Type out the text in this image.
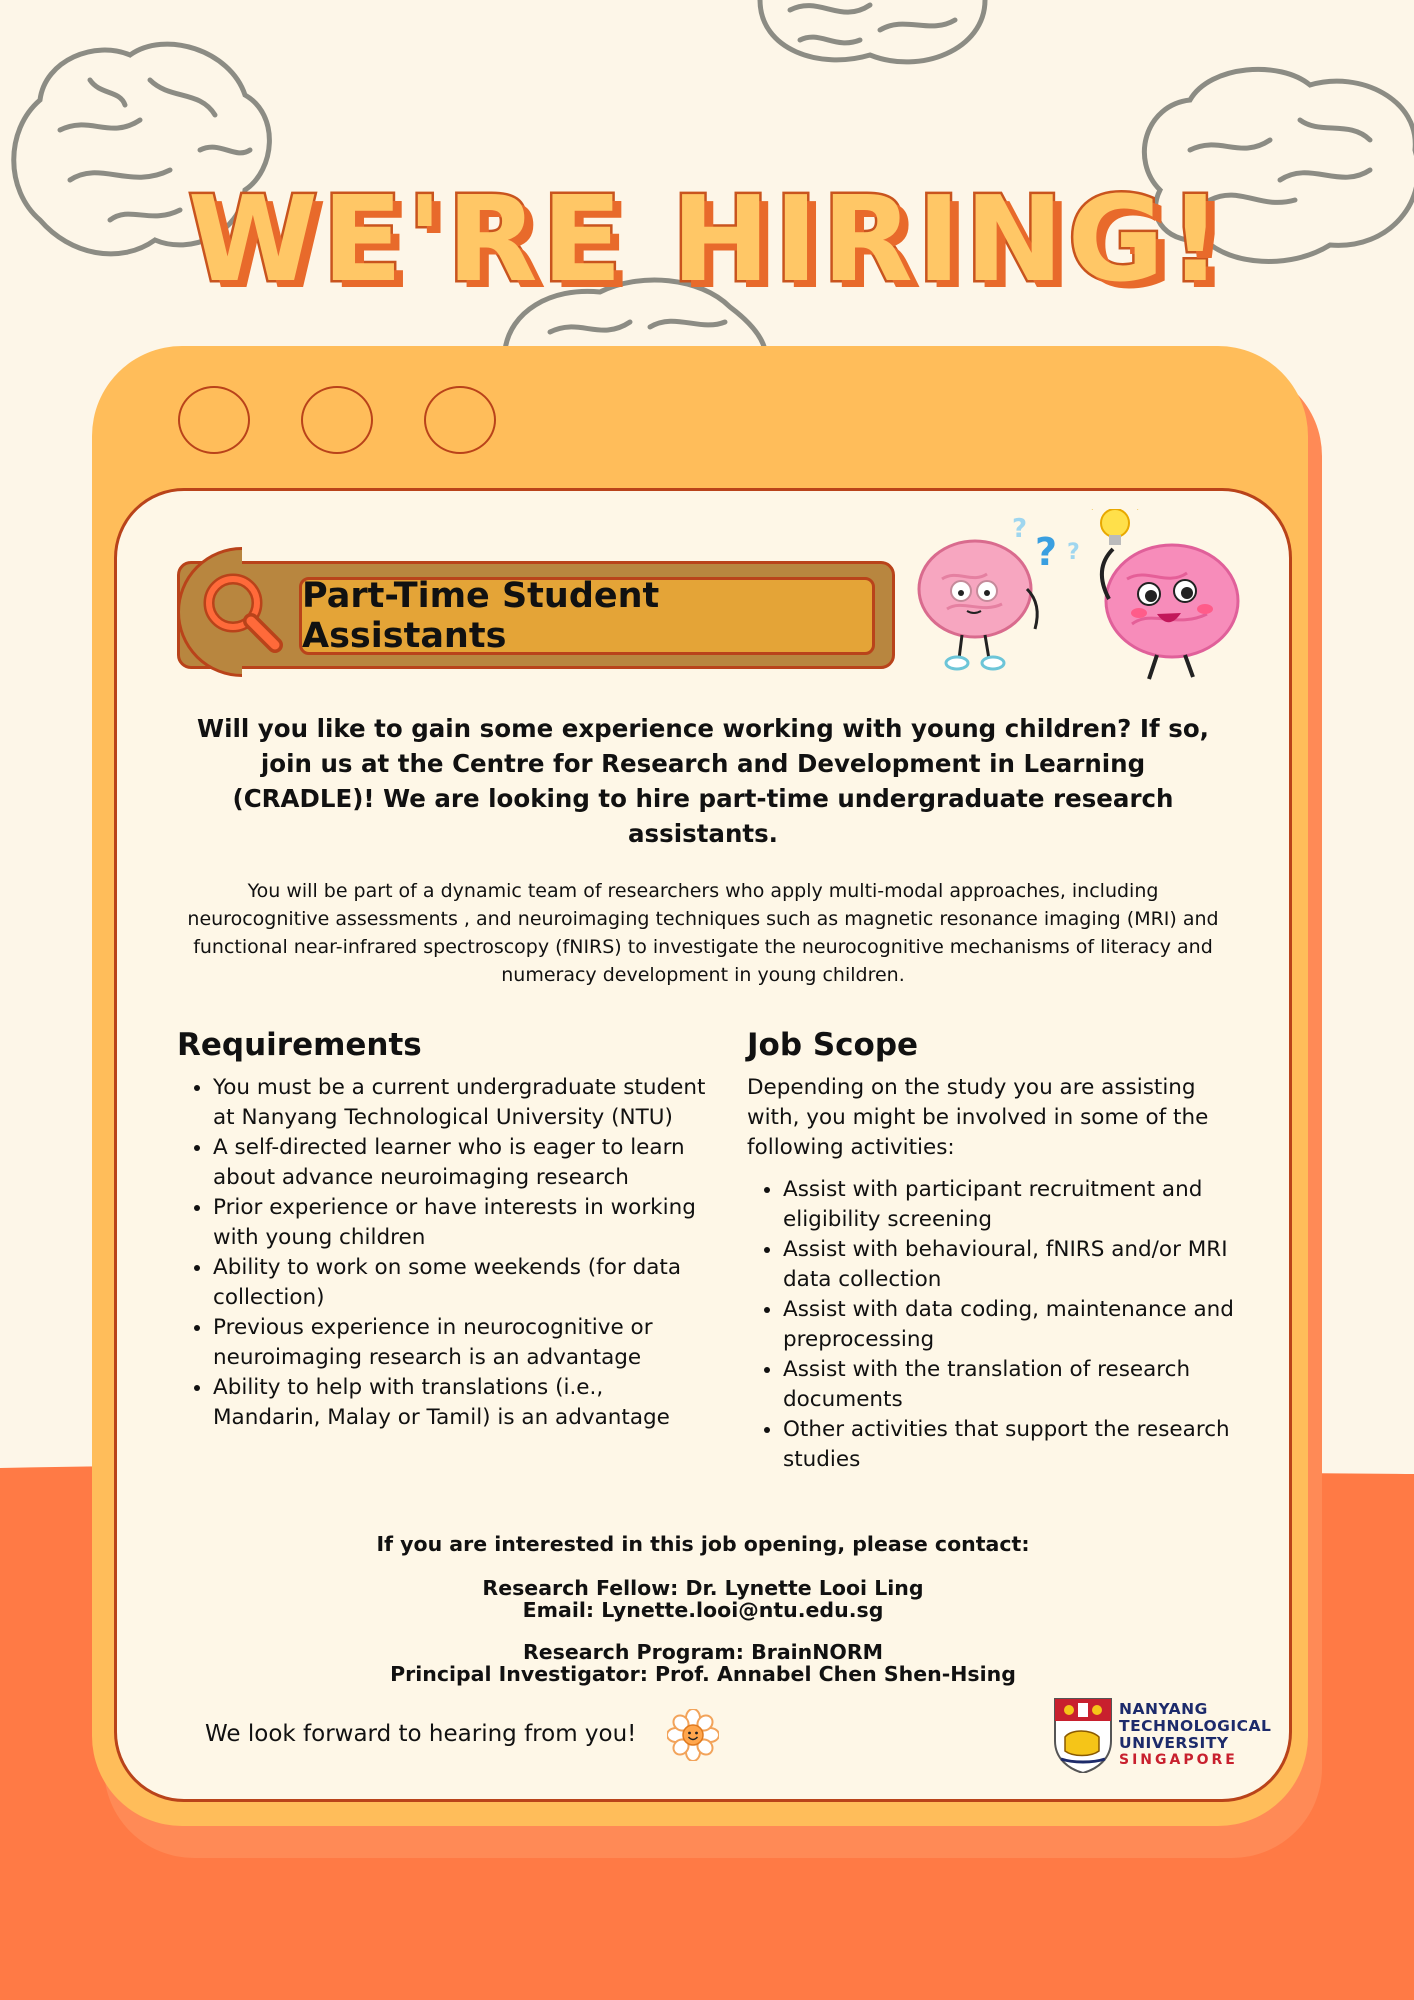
WE'RE HIRING!
Part-Time Student Assistants
?
? ?
Will you like to gain some experience working with young children? If so, join us at the Centre for Research and Development in Learning (CRADLE)! We are looking to hire part-time undergraduate research assistants.
You will be part of a dynamic team of researchers who apply multi-modal approaches, including neurocognitive assessments , and neuroimaging techniques such as magnetic resonance imaging (MRI) and functional near-infrared spectroscopy (fNIRS) to investigate the neurocognitive mechanisms of literacy and numeracy development in young children.
Requirements
• You must be a current undergraduate student at Nanyang Technological University (NTU)
• A self-directed learner who is eager to learn about advance neuroimaging research
• Prior experience or have interests in working with young children
• Ability to work on some weekends (for data collection)
• Previous experience in neurocognitive or neuroimaging research is an advantage
• Ability to help with translations (i.e., Mandarin, Malay or Tamil) is an advantage
Job Scope

Depending on the study you are assisting with, you might be involved in some of the following activities:

• Assist with participant recruitment and eligibility screening
• Assist with behavioural, fNIRS and/or MRI data collection
• Assist with data coding, maintenance and preprocessing
• Assist with the translation of research documents
• Other activities that support the research studies
If you are interested in this job opening, please contact:
Research Fellow: Dr. Lynette Looi Ling
Email: Lynette.looi@ntu.edu.sg
Research Program: BrainNORM
Principal Investigator: Prof. Annabel Chen Shen-Hsing
We look forward to hearing from you!
NANYANG
TECHNOLOGICAL
UNIVERSITY
SINGAPORE
